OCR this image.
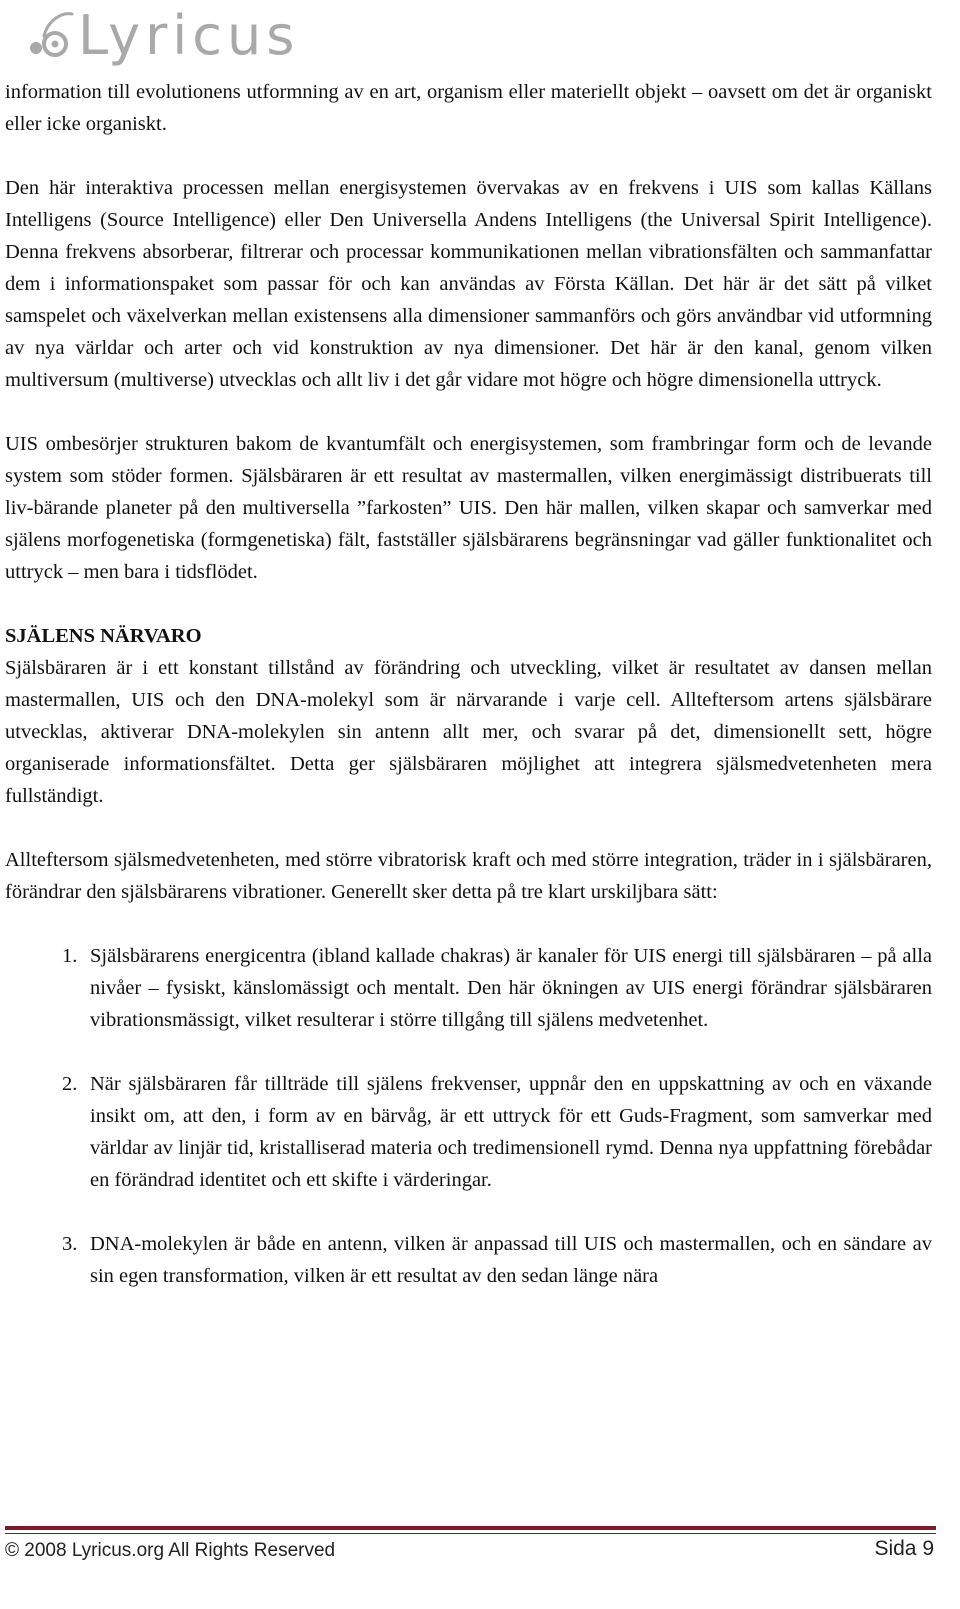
Lyricus

information till evolutionens utformning av en art, organism eller materiellt objekt – oavsett om det är organiskt eller icke organiskt.

Den här interaktiva processen mellan energisystemen övervakas av en frekvens i UIS som kallas Källans Intelligens (Source Intelligence) eller Den Universella Andens Intelligens (the Universal Spirit Intelligence). Denna frekvens absorberar, filtrerar och processar kommunikationen mellan vibrationsfälten och sammanfattar dem i informationspaket som passar för och kan användas av Första Källan. Det här är det sätt på vilket samspelet och växelverkan mellan existensens alla dimensioner sammanförs och görs användbar vid utformning av nya världar och arter och vid konstruktion av nya dimensioner. Det här är den kanal, genom vilken multiversum (multiverse) utvecklas och allt liv i det går vidare mot högre och högre dimensionella uttryck.

UIS ombesörjer strukturen bakom de kvantumfält och energisystemen, som frambringar form och de levande system som stöder formen. Själsbäraren är ett resultat av mastermallen, vilken energimässigt distribuerats till liv-bärande planeter på den multiversella ”farkosten” UIS. Den här mallen, vilken skapar och samverkar med själens morfogenetiska (formgenetiska) fält, fastställer själsbärarens begränsningar vad gäller funktionalitet och uttryck – men bara i tidsflödet.

SJÄLENS NÄRVARO

Själsbäraren är i ett konstant tillstånd av förändring och utveckling, vilket är resultatet av dansen mellan mastermallen, UIS och den DNA-molekyl som är närvarande i varje cell. Allteftersom artens själsbärare utvecklas, aktiverar DNA-molekylen sin antenn allt mer, och svarar på det, dimensionellt sett, högre organiserade informationsfältet. Detta ger själsbäraren möjlighet att integrera själsmedvetenheten mera fullständigt.

Allteftersom själsmedvetenheten, med större vibratorisk kraft och med större integration, träder in i själsbäraren, förändrar den själsbärarens vibrationer. Generellt sker detta på tre klart urskiljbara sätt:

1. Själsbärarens energicentra (ibland kallade chakras) är kanaler för UIS energi till själsbäraren – på alla nivåer – fysiskt, känslomässigt och mentalt. Den här ökningen av UIS energi förändrar själsbäraren vibrationsmässigt, vilket resulterar i större tillgång till själens medvetenhet.
2. När själsbäraren får tillträde till själens frekvenser, uppnår den en uppskattning av och en växande insikt om, att den, i form av en bärvåg, är ett uttryck för ett Guds-Fragment, som samverkar med världar av linjär tid, kristalliserad materia och tredimensionell rymd. Denna nya uppfattning förebådar en förändrad identitet och ett skifte i värderingar.
3. DNA-molekylen är både en antenn, vilken är anpassad till UIS och mastermallen, och en sändare av sin egen transformation, vilken är ett resultat av den sedan länge nära
© 2008 Lyricus.org All Rights Reserved	Sida 9
